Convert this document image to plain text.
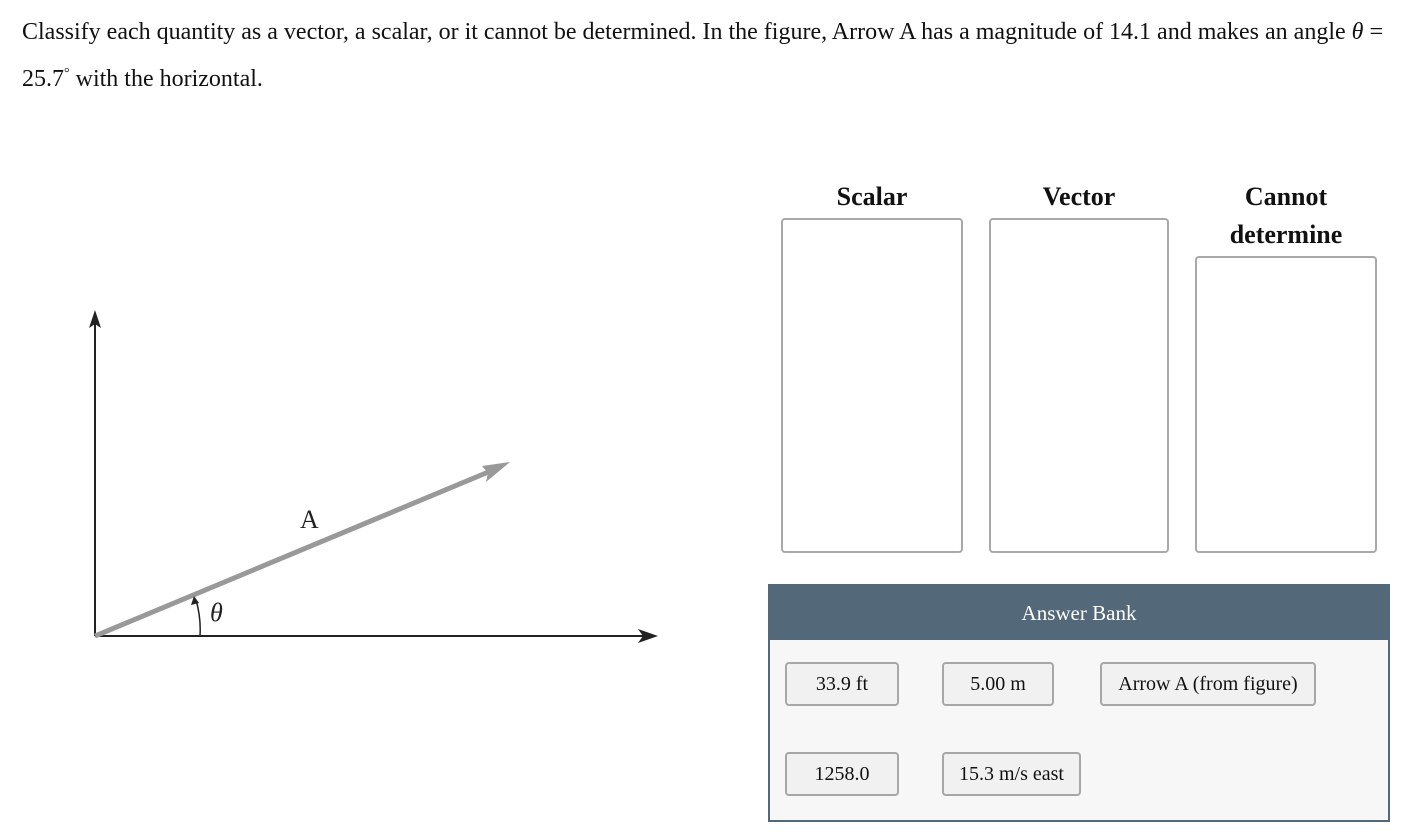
Classify each quantity as a vector, a scalar, or it cannot be determined. In the figure, Arrow A has a magnitude of 14.1 and makes an angle θ = 25.7° with the horizontal.

A
θ
Scalar	Vector	Cannot
determine
Answer Bank
33.9 ft	5.00 m	Arrow A (from figure)
1258.0	15.3 m/s east
